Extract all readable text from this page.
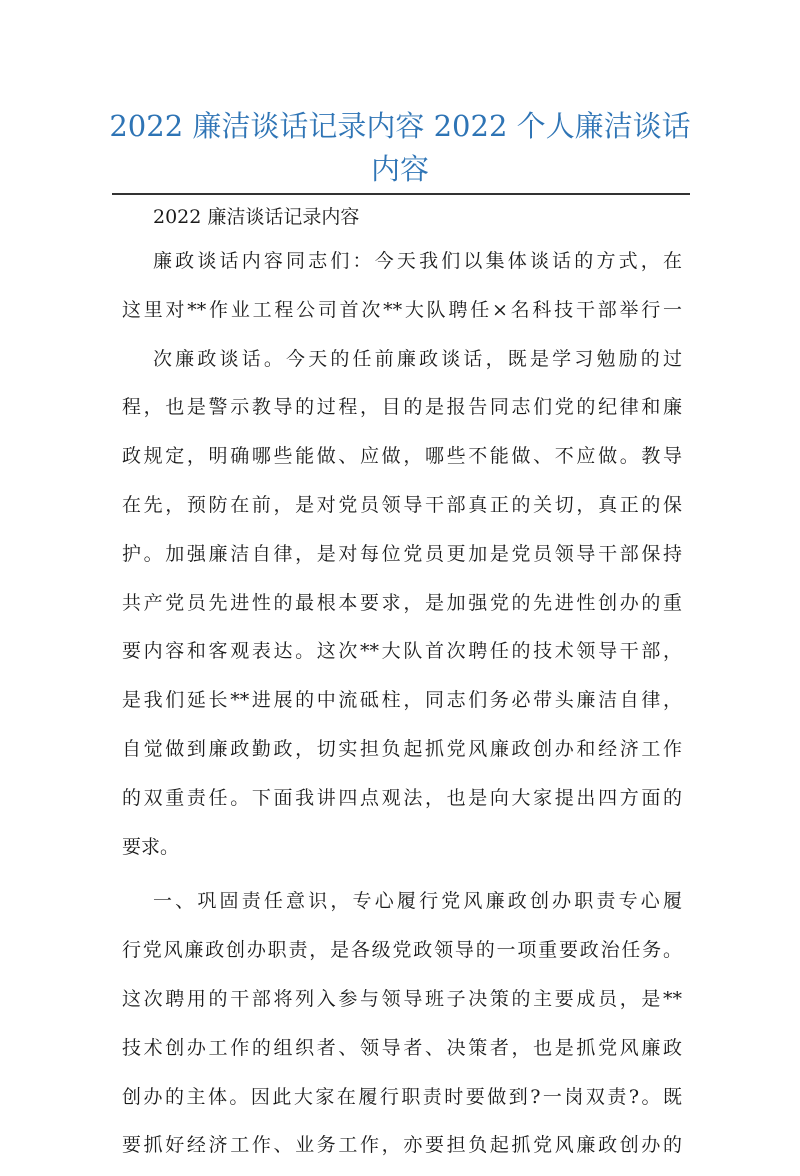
2022 廉洁谈话记录内容 2022 个人廉洁谈话
内容

2022 廉洁谈话记录内容

廉政谈话内容同志们：今天我们以集体谈话的方式，在
这里对**作业工程公司首次**大队聘任×名科技干部举行一
次廉政谈话。今天的任前廉政谈话，既是学习勉励的过
程，也是警示教导的过程，目的是报告同志们党的纪律和廉
政规定，明确哪些能做、应做，哪些不能做、不应做。教导
在先，预防在前，是对党员领导干部真正的关切，真正的保
护。加强廉洁自律，是对每位党员更加是党员领导干部保持
共产党员先进性的最根本要求，是加强党的先进性创办的重
要内容和客观表达。这次**大队首次聘任的技术领导干部，
是我们延长**进展的中流砥柱，同志们务必带头廉洁自律，
自觉做到廉政勤政，切实担负起抓党风廉政创办和经济工作
的双重责任。下面我讲四点观法，也是向大家提出四方面的
要求。
一、巩固责任意识，专心履行党风廉政创办职责专心履
行党风廉政创办职责，是各级党政领导的一项重要政治任务。
这次聘用的干部将列入参与领导班子决策的主要成员，是**
技术创办工作的组织者、领导者、决策者，也是抓党风廉政
创办的主体。因此大家在履行职责时要做到?一岗双责?。既
要抓好经济工作、业务工作，亦要担负起抓党风廉政创办的
